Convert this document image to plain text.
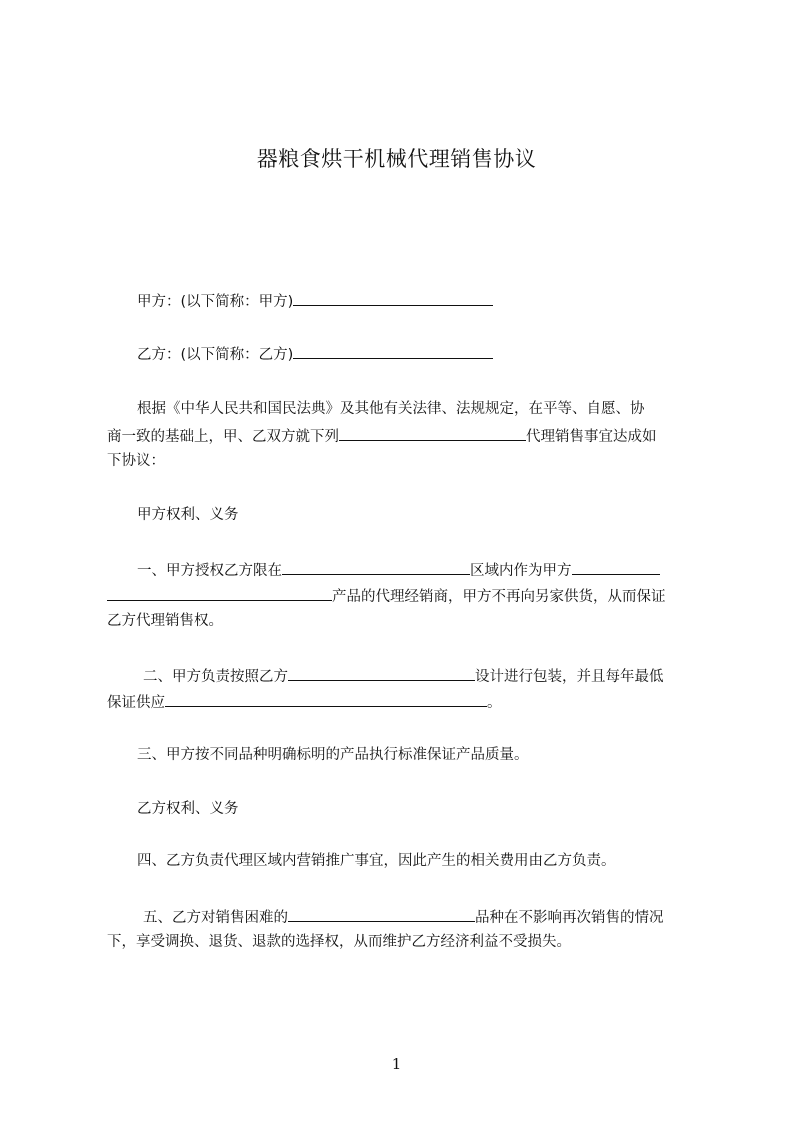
器粮食烘干机械代理销售协议
甲方：(以下简称：甲方)
乙方：(以下简称：乙方)
根据《中华人民共和国民法典》及其他有关法律、法规规定，在平等、自愿、协
商一致的基础上，甲、乙双方就下列	代理销售事宜达成如
下协议：
甲方权利、义务
一、甲方授权乙方限在	区域内作为甲方
产品的代理经销商，甲方不再向另家供货，从而保证
乙方代理销售权。
二、甲方负责按照乙方	设计进行包装，并且每年最低
保证供应	。
三、甲方按不同品种明确标明的产品执行标准保证产品质量。
乙方权利、义务
四、乙方负责代理区域内营销推广事宜，因此产生的相关费用由乙方负责。
五、乙方对销售困难的	品种在不影响再次销售的情况
下，享受调换、退货、退款的选择权，从而维护乙方经济利益不受损失。
1
